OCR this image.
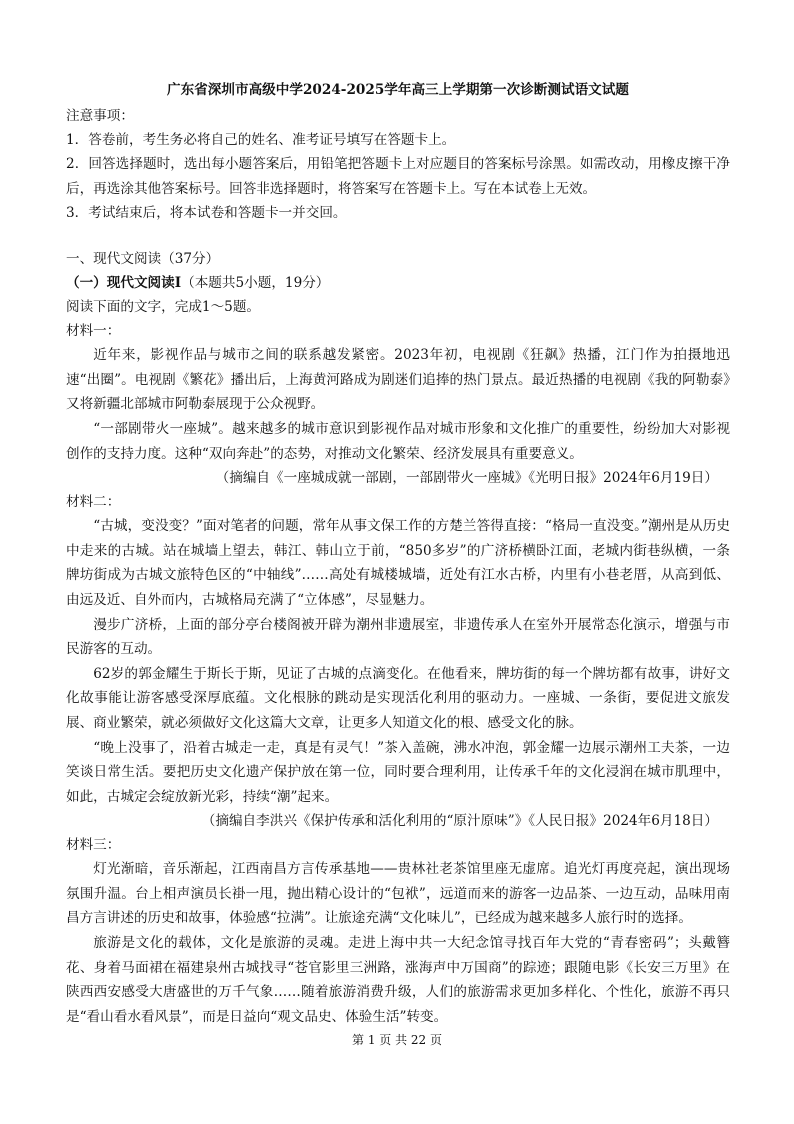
广东省深圳市高级中学2024-2025学年高三上学期第一次诊断测试语文试题

注意事项：

1．答卷前，考生务必将自己的姓名、准考证号填写在答题卡上。

2．回答选择题时，选出每小题答案后，用铅笔把答题卡上对应题目的答案标号涂黑。如需改动，用橡皮擦干净后，再选涂其他答案标号。回答非选择题时，将答案写在答题卡上。写在本试卷上无效。

3．考试结束后，将本试卷和答题卡一并交回。

一、现代文阅读（37分）

（一）现代文阅读Ⅰ（本题共5小题，19分）

阅读下面的文字，完成1～5题。

材料一：

近年来，影视作品与城市之间的联系越发紧密。2023年初，电视剧《狂飙》热播，江门作为拍摄地迅速“出圈”。电视剧《繁花》播出后，上海黄河路成为剧迷们追捧的热门景点。最近热播的电视剧《我的阿勒泰》又将新疆北部城市阿勒泰展现于公众视野。

“一部剧带火一座城”。越来越多的城市意识到影视作品对城市形象和文化推广的重要性，纷纷加大对影视创作的支持力度。这种“双向奔赴”的态势，对推动文化繁荣、经济发展具有重要意义。

（摘编自《一座城成就一部剧，一部剧带火一座城》《光明日报》2024年6月19日）

材料二：

“古城，变没变？”面对笔者的问题，常年从事文保工作的方楚兰答得直接：“格局一直没变。”潮州是从历史中走来的古城。站在城墙上望去，韩江、韩山立于前，“850多岁”的广济桥横卧江面，老城内街巷纵横，一条牌坊街成为古城文旅特色区的“中轴线”……高处有城楼城墙，近处有江水古桥，内里有小巷老厝，从高到低、由远及近、自外而内，古城格局充满了“立体感”，尽显魅力。

漫步广济桥，上面的部分亭台楼阁被开辟为潮州非遗展室，非遗传承人在室外开展常态化演示，增强与市民游客的互动。

62岁的郭金耀生于斯长于斯，见证了古城的点滴变化。在他看来，牌坊街的每一个牌坊都有故事，讲好文化故事能让游客感受深厚底蕴。文化根脉的跳动是实现活化利用的驱动力。一座城、一条街，要促进文旅发展、商业繁荣，就必须做好文化这篇大文章，让更多人知道文化的根、感受文化的脉。

“晚上没事了，沿着古城走一走，真是有灵气！”茶入盖碗，沸水冲泡，郭金耀一边展示潮州工夫茶，一边笑谈日常生活。要把历史文化遗产保护放在第一位，同时要合理利用，让传承千年的文化浸润在城市肌理中，如此，古城定会绽放新光彩，持续“潮”起来。

（摘编自李洪兴《保护传承和活化利用的“原汁原味”》《人民日报》2024年6月18日）

材料三：

灯光渐暗，音乐渐起，江西南昌方言传承基地——贵林社老茶馆里座无虚席。追光灯再度亮起，演出现场氛围升温。台上相声演员长褂一甩，抛出精心设计的“包袱”，远道而来的游客一边品茶、一边互动，品味用南昌方言讲述的历史和故事，体验感“拉满”。让旅途充满“文化味儿”，已经成为越来越多人旅行时的选择。

旅游是文化的载体，文化是旅游的灵魂。走进上海中共一大纪念馆寻找百年大党的“青春密码”；头戴簪花、身着马面裙在福建泉州古城找寻“苍官影里三洲路，涨海声中万国商”的踪迹；跟随电影《长安三万里》在陕西西安感受大唐盛世的万千气象……随着旅游消费升级，人们的旅游需求更加多样化、个性化，旅游不再只是“看山看水看风景”，而是日益向“观文品史、体验生活”转变。

第 1 页 共 22 页
